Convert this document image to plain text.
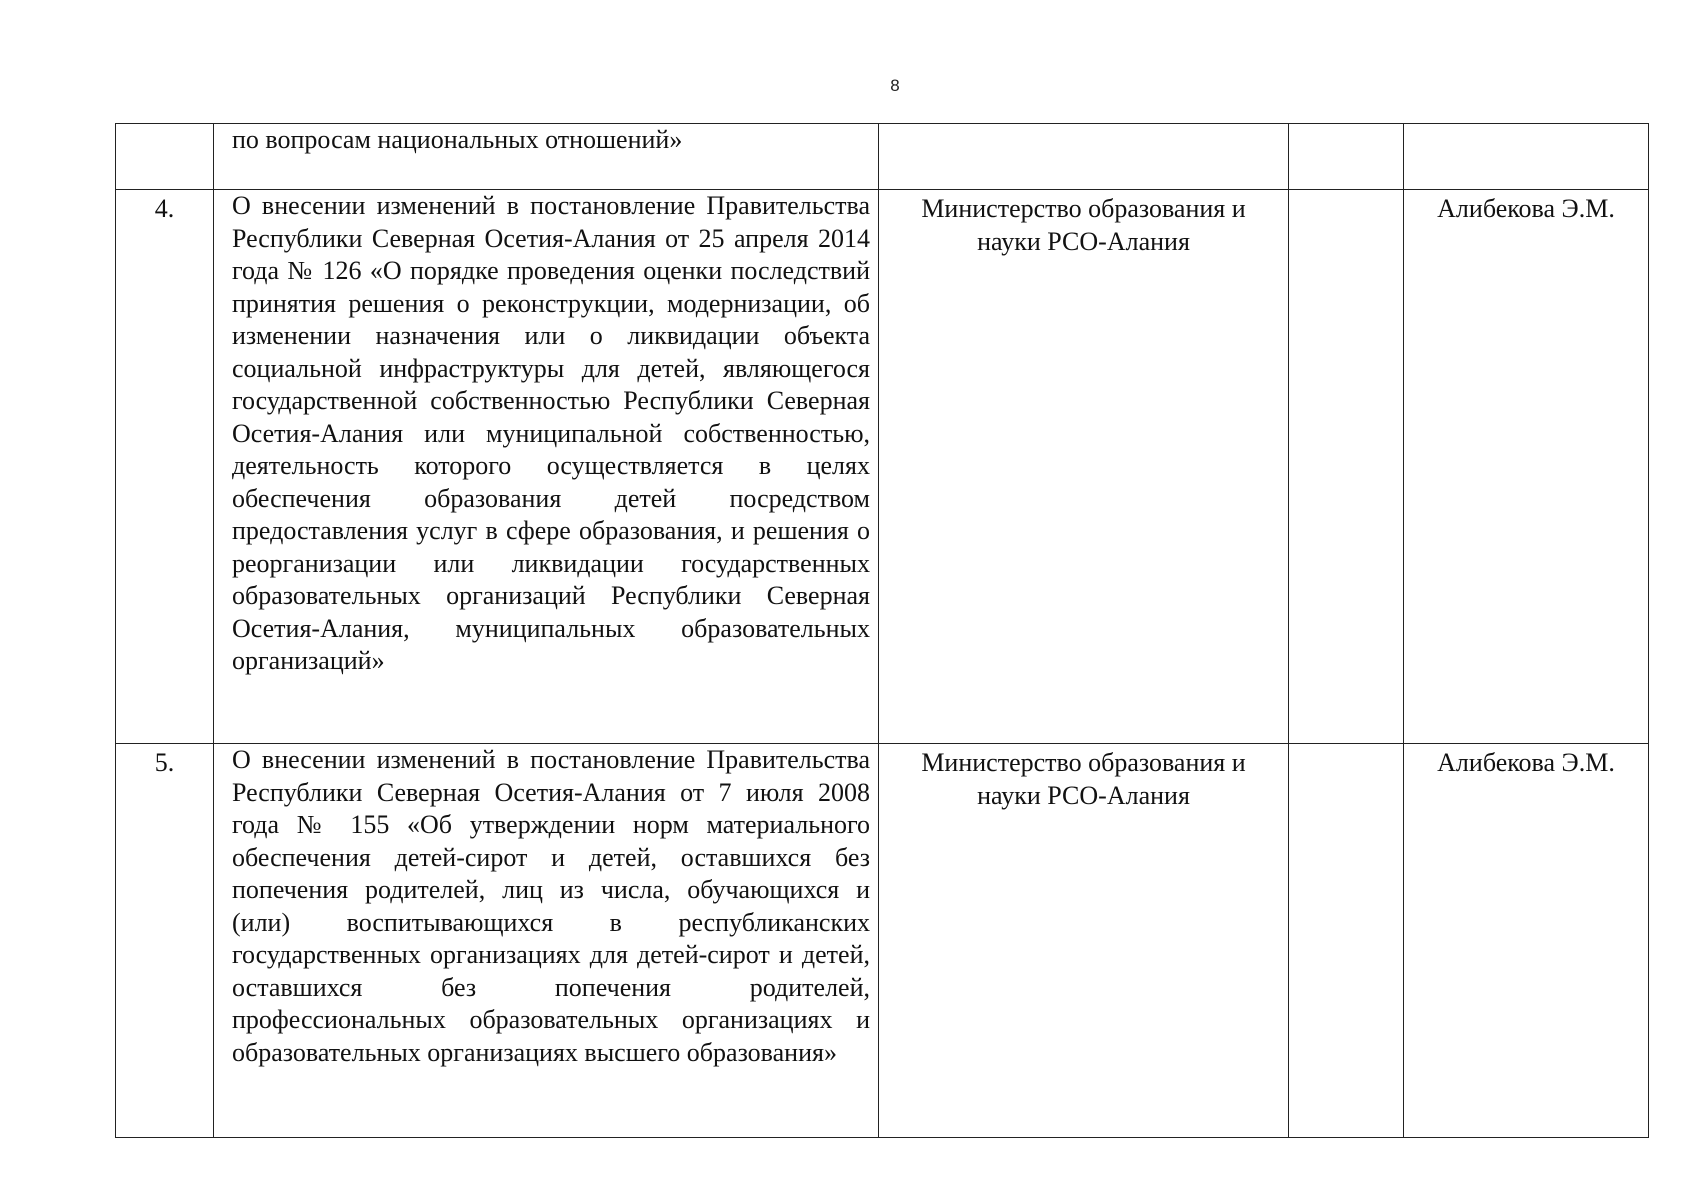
8

	по вопросам национальных отношений»			

4.	О внесении изменений в постановление Правительства Республики Северная Осетия-Алания от 25 апреля 2014 года № 126 «О порядке проведения оценки последствий принятия решения о реконструкции, модернизации, об изменении назначения или о ликвидации объекта социальной инфраструктуры для детей, являющегося государственной собственностью Республики Северная Осетия-Алания или муниципальной собственностью, деятельность которого осуществляется в целях обеспечения образования детей посредством предоставления услуг в сфере образования, и решения о реорганизации или ликвидации государственных образовательных организаций Республики Северная Осетия-Алания, муниципальных образовательных организаций»	Министерство образования и науки РСО-Алания		Алибекова Э.М.
5.	О внесении изменений в постановление Правительства Республики Северная Осетия-Алания от 7 июля 2008 года № 155 «Об утверждении норм материального обеспечения детей-сирот и детей, оставшихся без попечения родителей, лиц из числа, обучающихся и (или) воспитывающихся в республиканских государственных организациях для детей-сирот и детей, оставшихся без попечения родителей, профессиональных образовательных организациях и образовательных организациях высшего образования»	Министерство образования и науки РСО-Алания		Алибекова Э.М.
